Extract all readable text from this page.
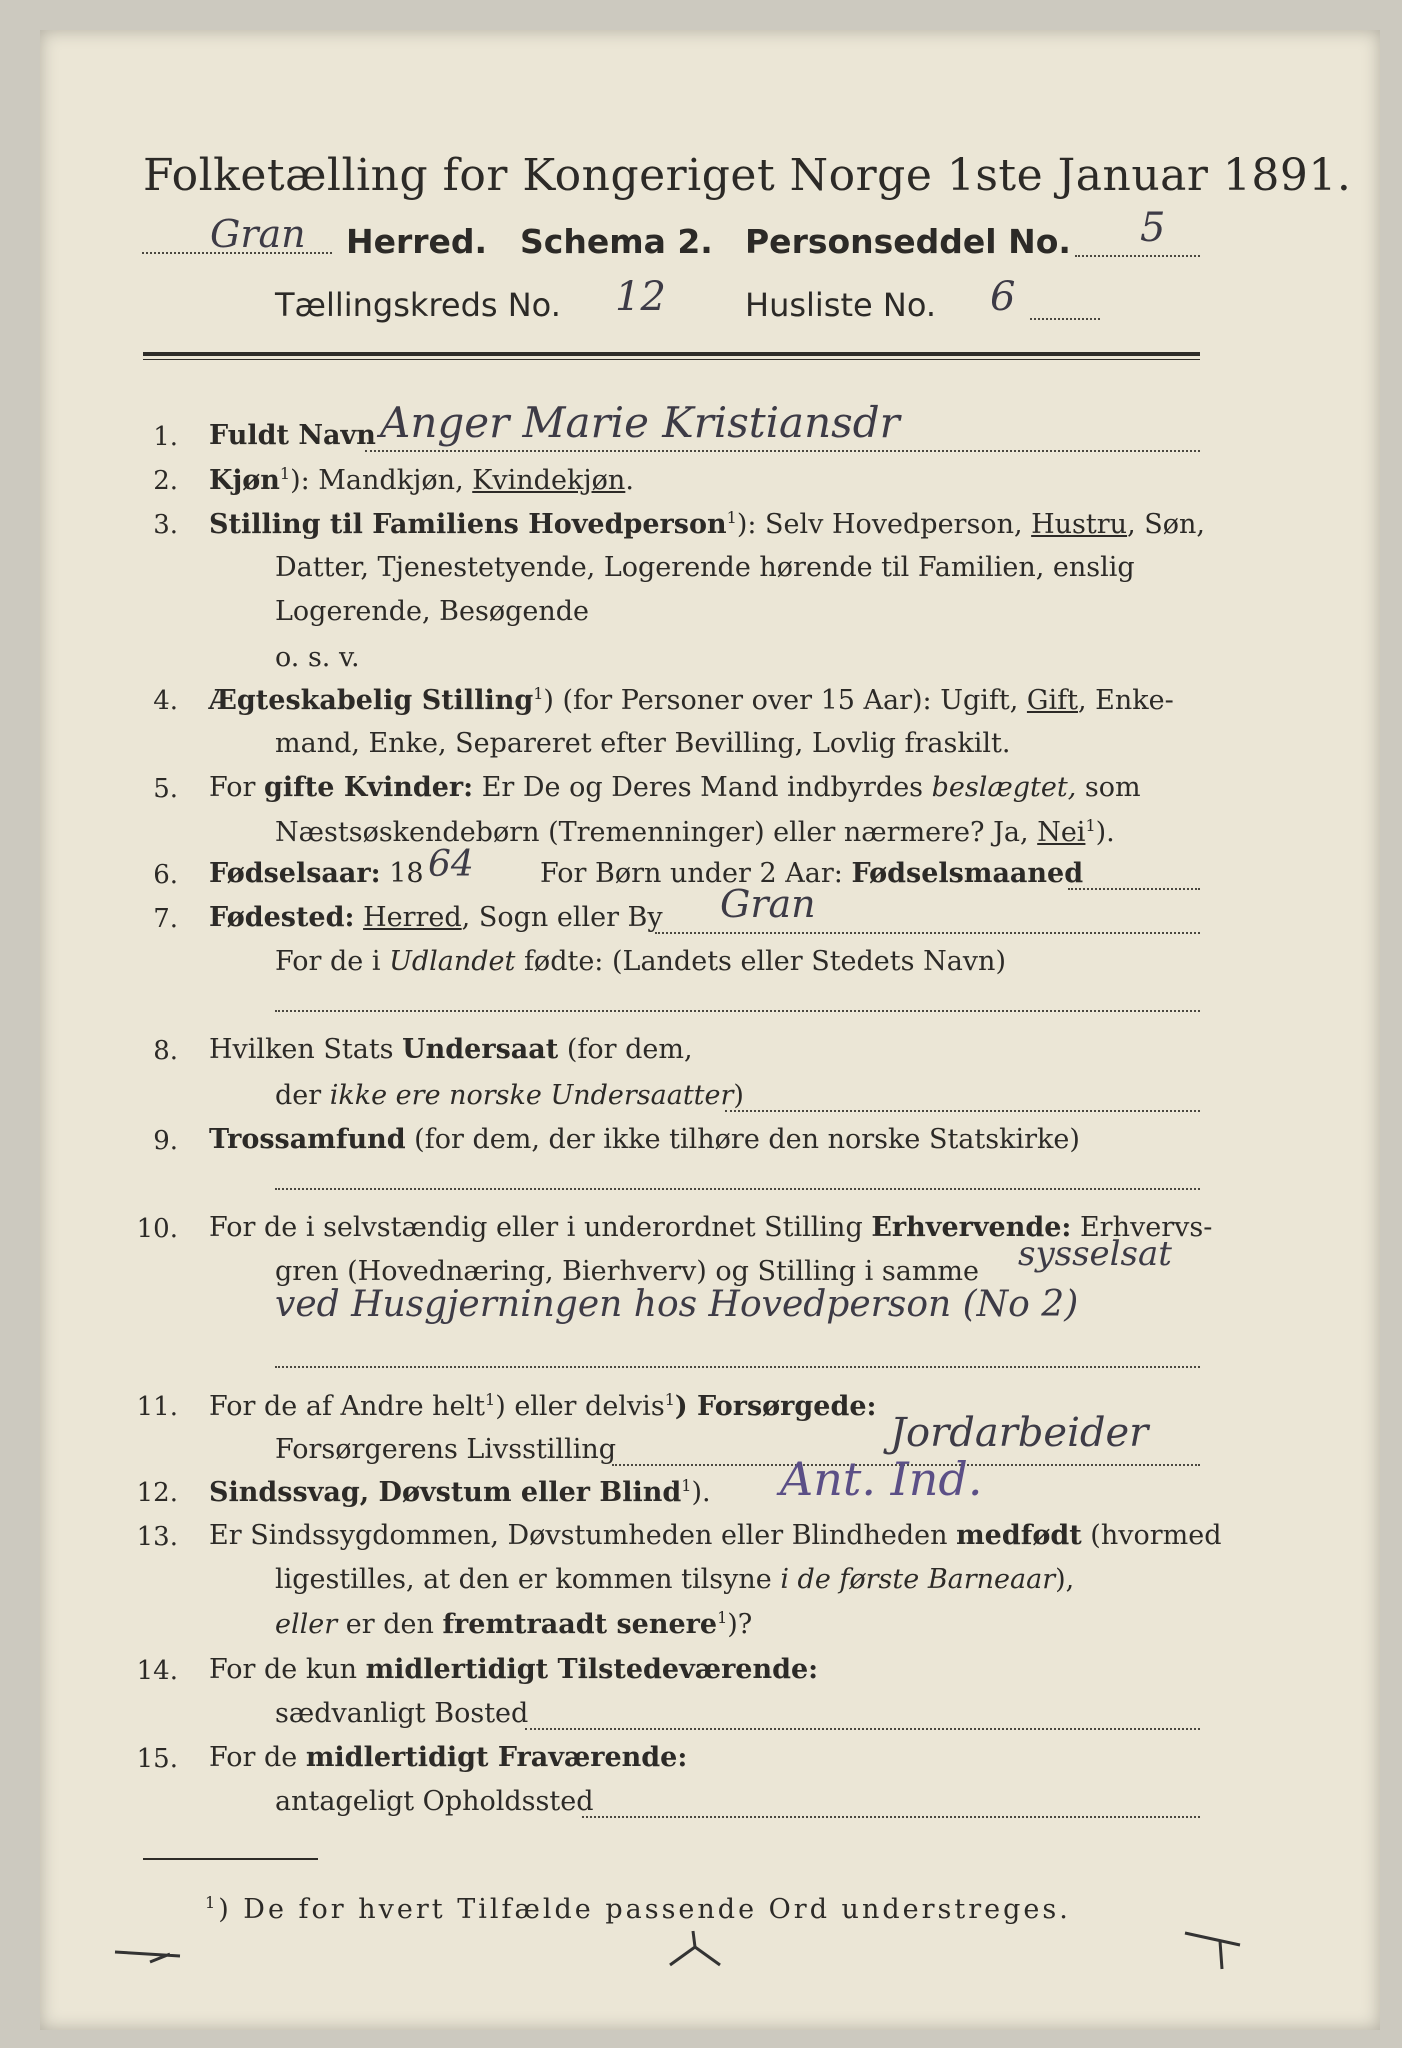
Folketælling for Kongeriget Norge 1ste Januar 1891.
Gran Herred. Schema 2. Personseddel No. 5
Tællingskreds No. 12 Husliste No. 6
1. Fuldt Navn Anger Marie Kristiansdr
2. Kjøn$^1$): Mandkjøn, Kvindekjøn.
3. Stilling til Familiens Hovedperson$^1$): Selv Hovedperson, Hustru, Søn,
Datter, Tjenestetyende, Logerende hørende til Familien, enslig
Logerende, Besøgende
o. s. v.
4. Ægteskabelig Stilling$^1$) (for Personer over 15 Aar): Ugift, Gift, Enke-
mand, Enke, Separeret efter Bevilling, Lovlig fraskilt.
5. For gifte Kvinder: Er De og Deres Mand indbyrdes beslægtet, som
Næstsøskendebørn (Tremenninger) eller nærmere? Ja, Nei$^1$).
6. Fødselsaar: 18 64 For Børn under 2 Aar: Fødselsmaaned
7. Fødested: Herred, Sogn eller By Gran
For de i Udlandet fødte: (Landets eller Stedets Navn)
8. Hvilken Stats Undersaat (for dem,
der ikke ere norske Undersaatter)
9. Trossamfund (for dem, der ikke tilhøre den norske Statskirke)
10. For de i selvstændig eller i underordnet Stilling Erhvervende: Erhvervs-
gren (Hovednæring, Bierhverv) og Stilling i samme sysselsat
ved Husgjerningen hos Hovedperson (No 2)
11. For de af Andre helt$^1$) eller delvis$^1$) Forsørgede:
Forsørgerens Livsstilling	Jordarbeider
12. Sindssvag, Døvstum eller Blind$^1$). Ant. Ind.
13. Er Sindssygdommen, Døvstumheden eller Blindheden medfødt (hvormed
ligestilles, at den er kommen tilsyne i de første Barneaar),
eller er den fremtraadt senere$^1$)?
14. For de kun midlertidigt Tilstedeværende:
sædvanligt Bosted
15. For de midlertidigt Fraværende:
antageligt Opholdssted
$^1$) De for hvert Tilfælde passende Ord understreges.
